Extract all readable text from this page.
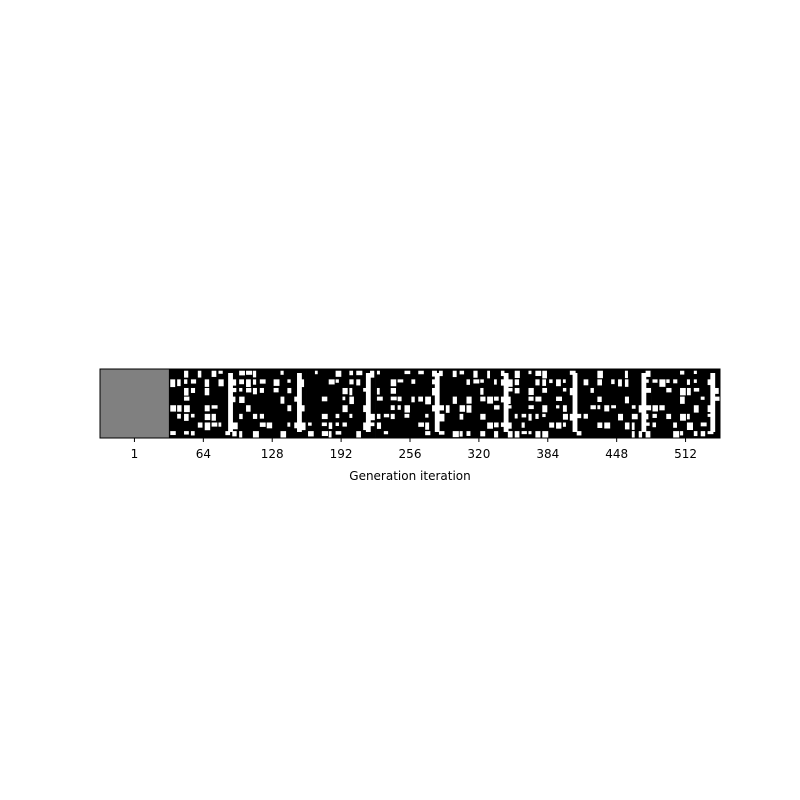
1	64	128	192	256	320	384	448	512
Generation iteration
